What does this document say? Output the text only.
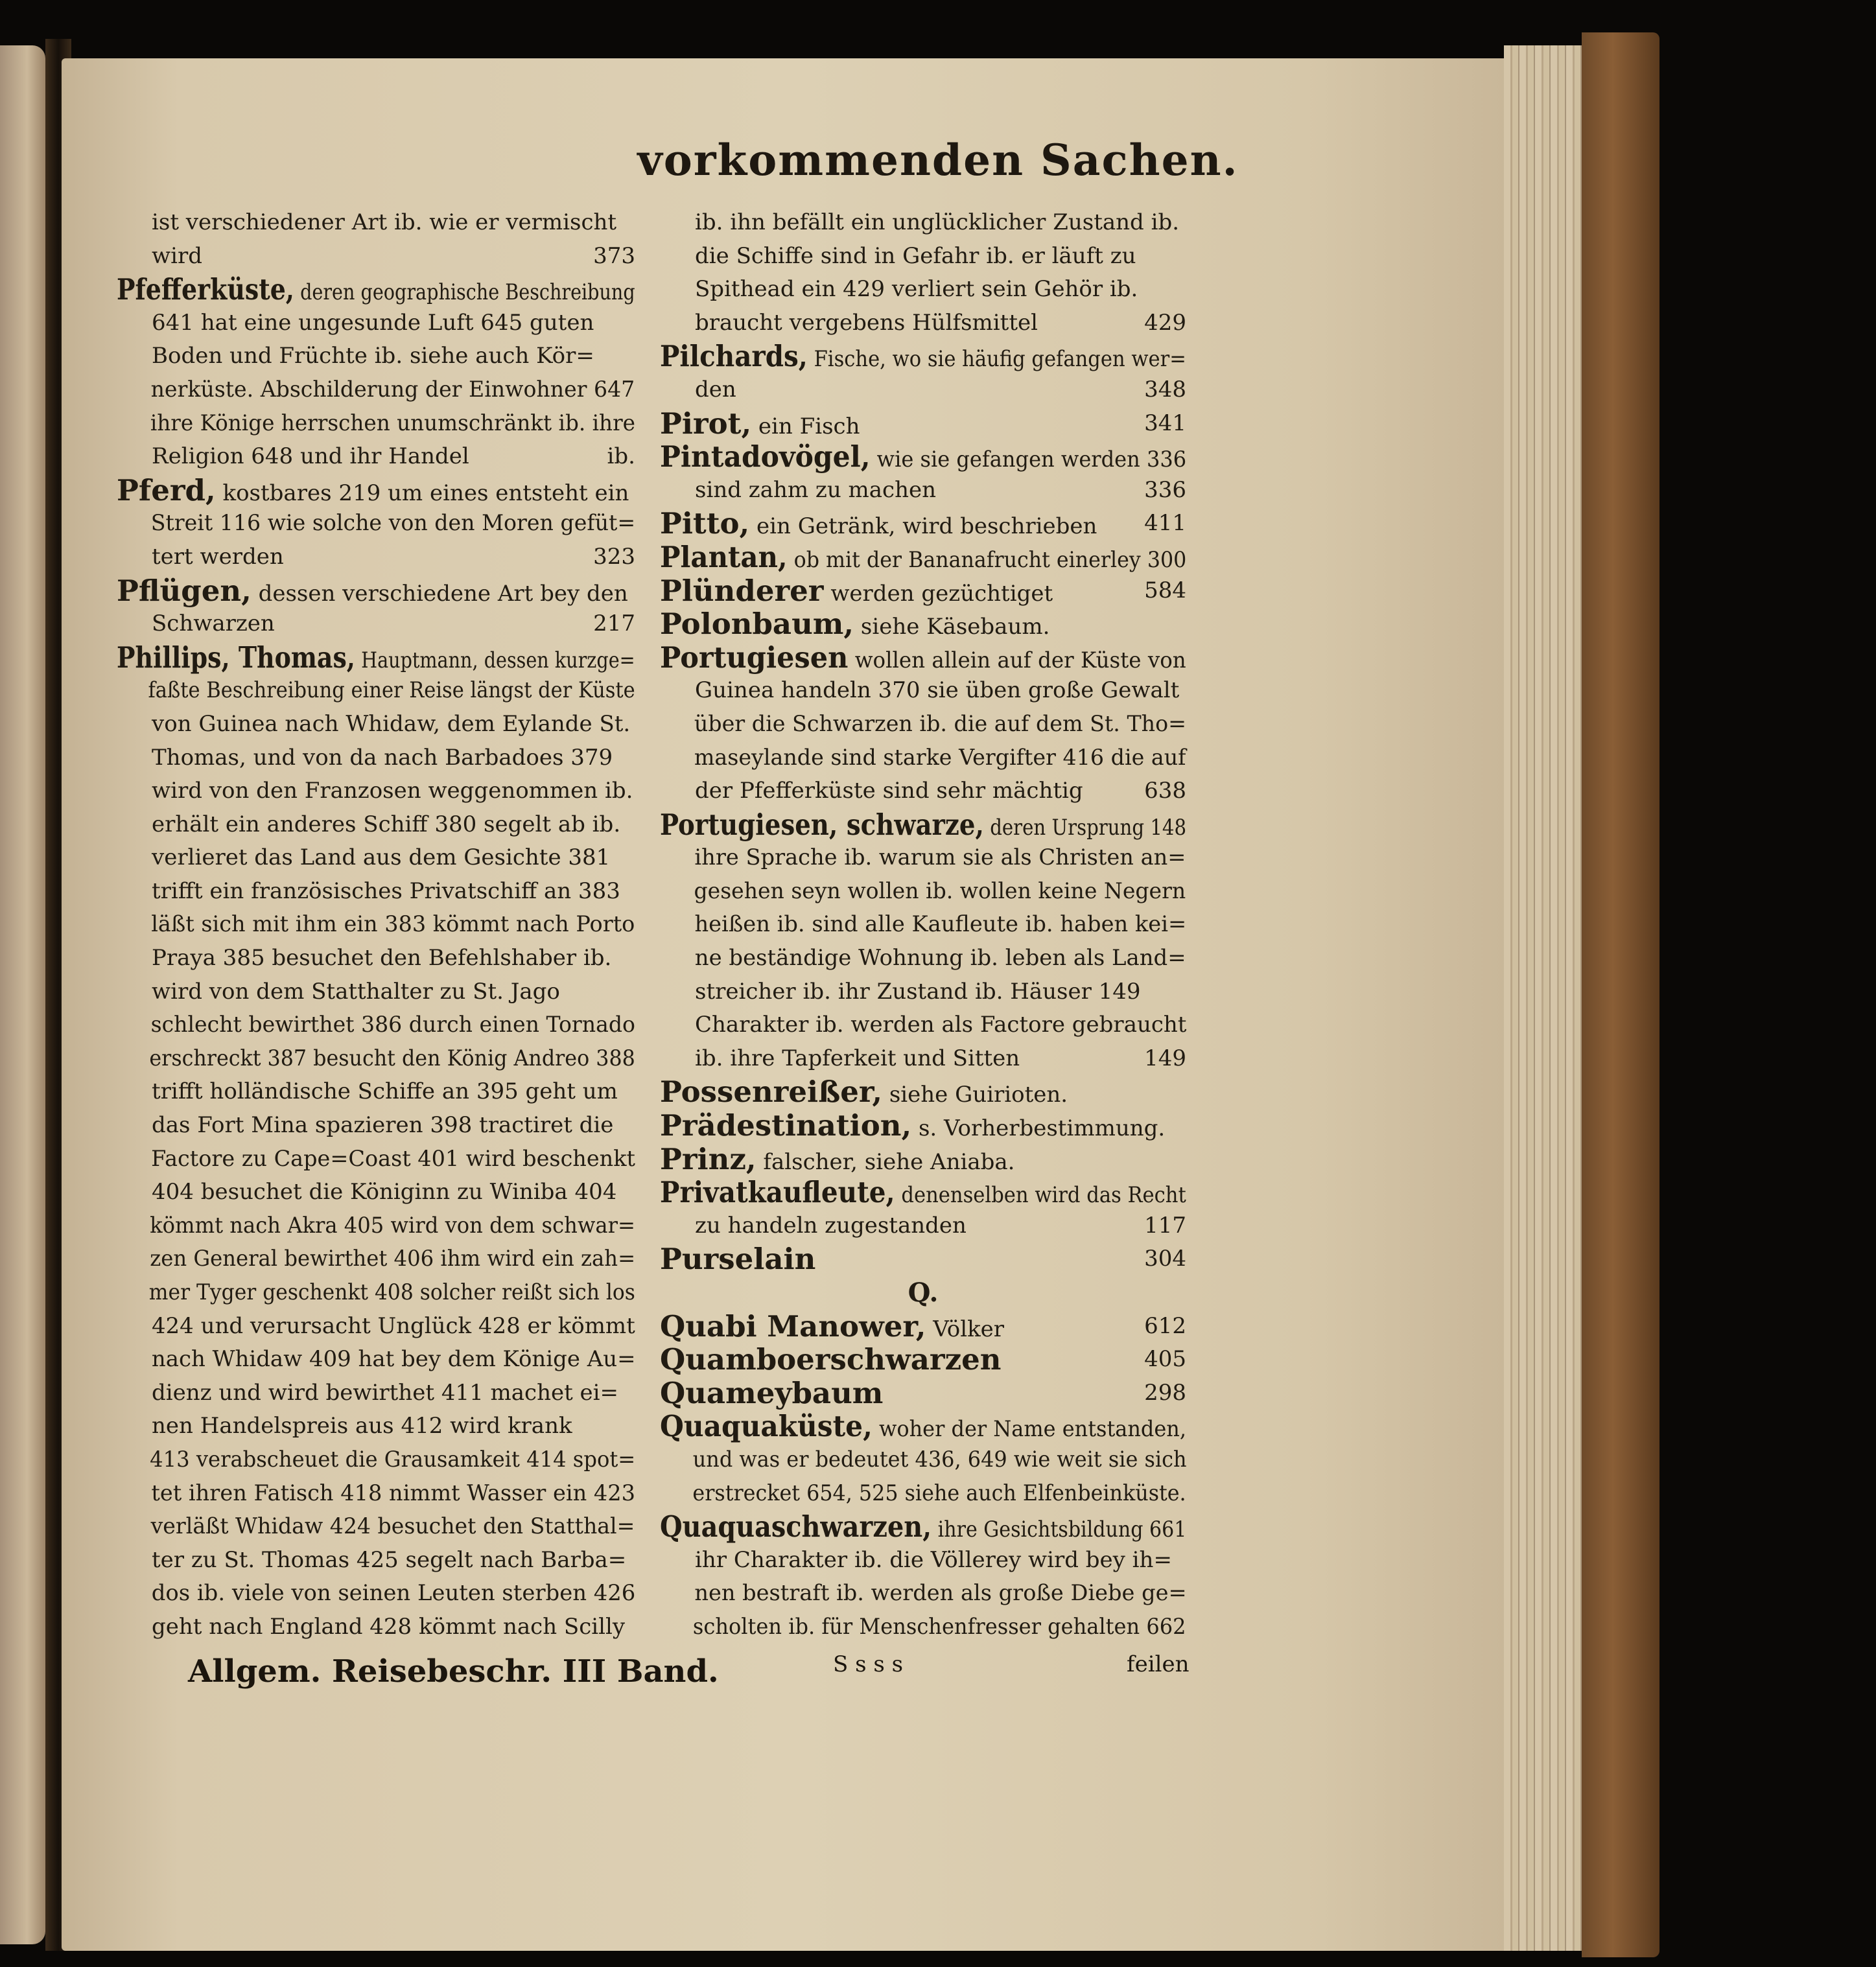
vorkommenden Sachen.
ist verschiedener Art ib. wie er vermischt
wird	373
Pfefferküste, deren geographische Beschreibung
641 hat eine ungesunde Luft 645 guten
Boden und Früchte ib. siehe auch Kör=
nerküste. Abschilderung der Einwohner 647
ihre Könige herrschen unumschränkt ib. ihre
Religion 648 und ihr Handel	ib.
Pferd, kostbares 219 um eines entsteht ein
Streit 116 wie solche von den Moren gefüt=
tert werden	323
Pflügen, dessen verschiedene Art bey den
Schwarzen	217
Phillips, Thomas, Hauptmann, dessen kurzge=
faßte Beschreibung einer Reise längst der Küste
von Guinea nach Whidaw, dem Eylande St.
Thomas, und von da nach Barbadoes 379
wird von den Franzosen weggenommen ib.
erhält ein anderes Schiff 380 segelt ab ib.
verlieret das Land aus dem Gesichte 381
trifft ein französisches Privatschiff an 383
läßt sich mit ihm ein 383 kömmt nach Porto
Praya 385 besuchet den Befehlshaber ib.
wird von dem Statthalter zu St. Jago
schlecht bewirthet 386 durch einen Tornado
erschreckt 387 besucht den König Andreo 388
trifft holländische Schiffe an 395 geht um
das Fort Mina spazieren 398 tractiret die
Factore zu Cape=Coast 401 wird beschenkt
404 besuchet die Königinn zu Winiba 404
kömmt nach Akra 405 wird von dem schwar=
zen General bewirthet 406 ihm wird ein zah=
mer Tyger geschenkt 408 solcher reißt sich los
424 und verursacht Unglück 428 er kömmt
nach Whidaw 409 hat bey dem Könige Au=
dienz und wird bewirthet 411 machet ei=
nen Handelspreis aus 412 wird krank
413 verabscheuet die Grausamkeit 414 spot=
tet ihren Fatisch 418 nimmt Wasser ein 423
verläßt Whidaw 424 besuchet den Statthal=
ter zu St. Thomas 425 segelt nach Barba=
dos ib. viele von seinen Leuten sterben 426
geht nach England 428 kömmt nach Scilly
ib. ihn befällt ein unglücklicher Zustand ib.
die Schiffe sind in Gefahr ib. er läuft zu
Spithead ein 429 verliert sein Gehör ib.
braucht vergebens Hülfsmittel	429
Pilchards, Fische, wo sie häufig gefangen wer=
den	348
Pirot, ein Fisch	341
Pintadovögel, wie sie gefangen werden 336
sind zahm zu machen	336
Pitto, ein Getränk, wird beschrieben 411
Plantan, ob mit der Bananafrucht einerley 300
Plünderer werden gezüchtiget	584
Polonbaum, siehe Käsebaum.
Portugiesen wollen allein auf der Küste von
Guinea handeln 370 sie üben große Gewalt
über die Schwarzen ib. die auf dem St. Tho=
maseylande sind starke Vergifter 416 die auf
der Pfefferküste sind sehr mächtig	638
Portugiesen, schwarze, deren Ursprung 148
ihre Sprache ib. warum sie als Christen an=
gesehen seyn wollen ib. wollen keine Negern
heißen ib. sind alle Kaufleute ib. haben kei=
ne beständige Wohnung ib. leben als Land=
streicher ib. ihr Zustand ib. Häuser 149
Charakter ib. werden als Factore gebraucht
ib. ihre Tapferkeit und Sitten	149
Possenreißer, siehe Guirioten.
Prädestination, s. Vorherbestimmung.
Prinz, falscher, siehe Aniaba.
Privatkaufleute, denenselben wird das Recht
zu handeln zugestanden	117
Purselain	304
Q.
Quabi Manower, Völker	612
Quamboerschwarzen	405
Quameybaum	298
Quaquaküste, woher der Name entstanden,
und was er bedeutet 436, 649 wie weit sie sich
erstrecket 654, 525 siehe auch Elfenbeinküste.
Quaquaschwarzen, ihre Gesichtsbildung 661
ihr Charakter ib. die Völlerey wird bey ih=
nen bestraft ib. werden als große Diebe ge=
scholten ib. für Menschenfresser gehalten 662
Allgem. Reisebeschr. III Band.	S s s s	feilen
